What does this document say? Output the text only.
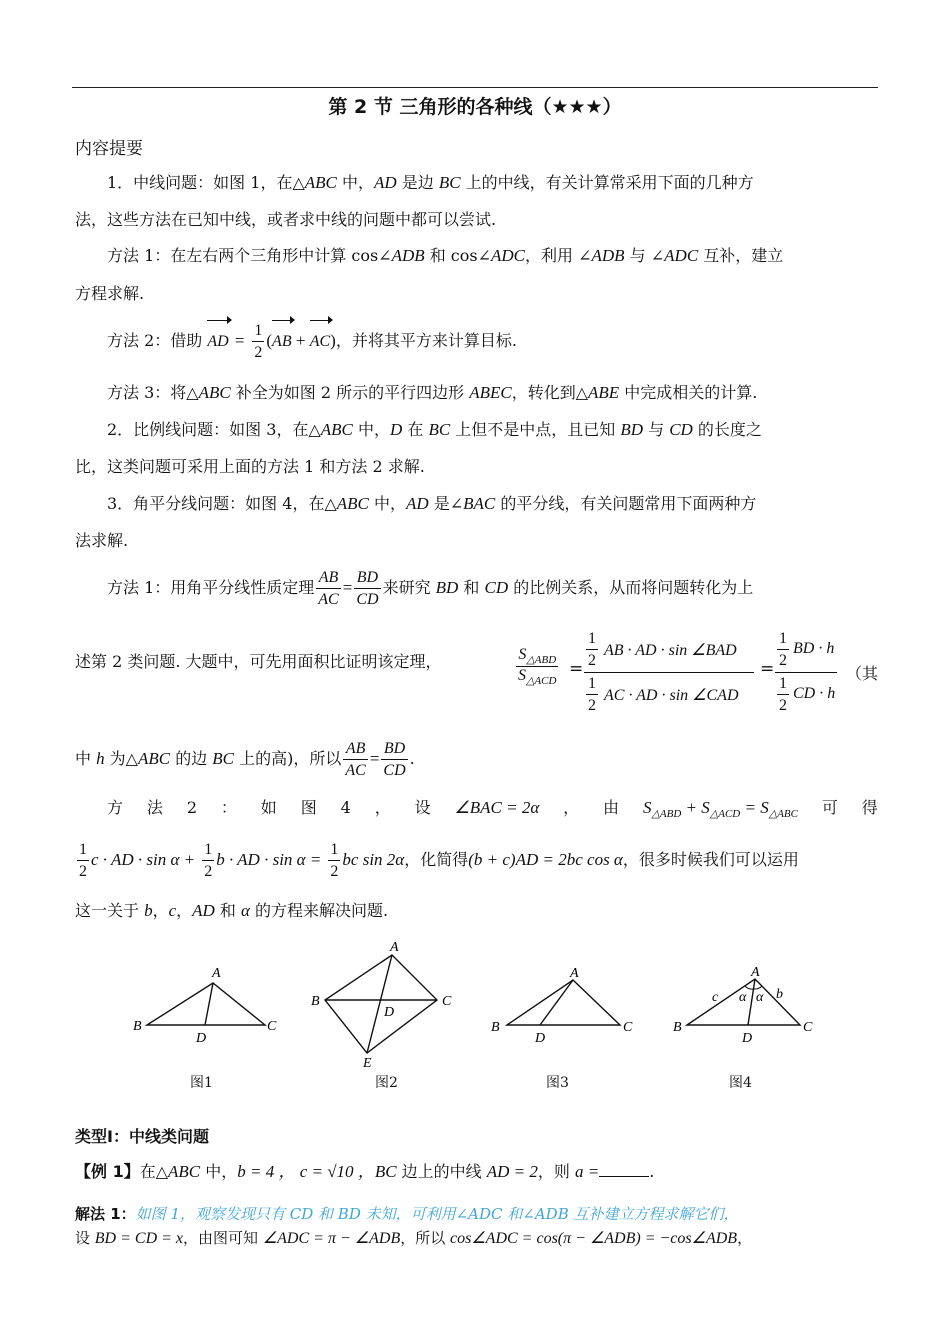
第 2 节 三角形的各种线（★★★）
内容提要
1．中线问题：如图 1，在△ABC 中，AD 是边 BC 上的中线，有关计算常采用下面的几种方
法，这些方法在已知中线，或者求中线的问题中都可以尝试.
方法 1：在左右两个三角形中计算 cos∠ADB 和 cos∠ADC，利用 ∠ADB 与 ∠ADC 互补，建立
方程求解.
方法 2：借助 AD = $\frac{1}{2} (AB + AC)$，并将其平方来计算目标.
方法 3：将△ABC 补全为如图 2 所示的平行四边形 ABEC，转化到△ABE 中完成相关的计算.
2．比例线问题：如图 3，在△ABC 中，D 在 BC 上但不是中点，且已知 BD 与 CD 的长度之
比，这类问题可采用上面的方法 1 和方法 2 求解.
3．角平分线问题：如图 4，在△ABC 中，AD 是∠BAC 的平分线，有关问题常用下面两种方
法求解.
方法 1：用角平分线性质定理 $\frac{AB}{AC} = \frac{BD}{CD}$ 来研究 BD 和 CD 的比例关系，从而将问题转化为上
述第 2 类问题. 大题中，可先用面积比证明该定理，	$S_{\triangle ABD}$
$S_{\triangle ACD}$
= $\frac{1}{2}$ AB · AD · sin ∠BAD
$\frac{1}{2}$ AC · AD · sin ∠CAD
= $\frac{1}{2}$ BD · h
$\frac{1}{2}$ CD · h
（其
中 h 为△ABC 的边 BC 上的高)，所以 $\frac{AB}{AC} = \frac{BD}{CD}$ .
方 法 2 ： 如 图 4 ， 设 ∠BAC = 2α ， 由 $S_{\triangle ABD} + S_{\triangle ACD} = S_{\triangle ABC}$ 可 得
$\frac{1}{2}$ c · AD · $\sin \alpha + \frac{1}{2}$ b · AD · $\sin \alpha = \frac{1}{2}$ bc sin 2α，化简得(b + c)AD = 2bc cos α，很多时候我们可以运用
这一关于 b，c，AD 和 α 的方程来解决问题.
A
B	C
D
A
B	C
D
E
A
B	C
D
A
B	C
D
c	b
α α
图1	图2	图3	图4
类型Ⅰ：中线类问题
【例 1】在△ABC 中，b = 4 ， c = √10 ，BC 边上的中线 AD = 2，则 a =	.
解法 1：如图 1，观察发现只有 CD 和 BD 未知，可利用∠ADC 和∠ADB 互补建立方程求解它们，
设 BD = CD = x，由图可知 ∠ADC = π − ∠ADB，所以 cos∠ADC = cos(π − ∠ADB) = −cos∠ADB，
